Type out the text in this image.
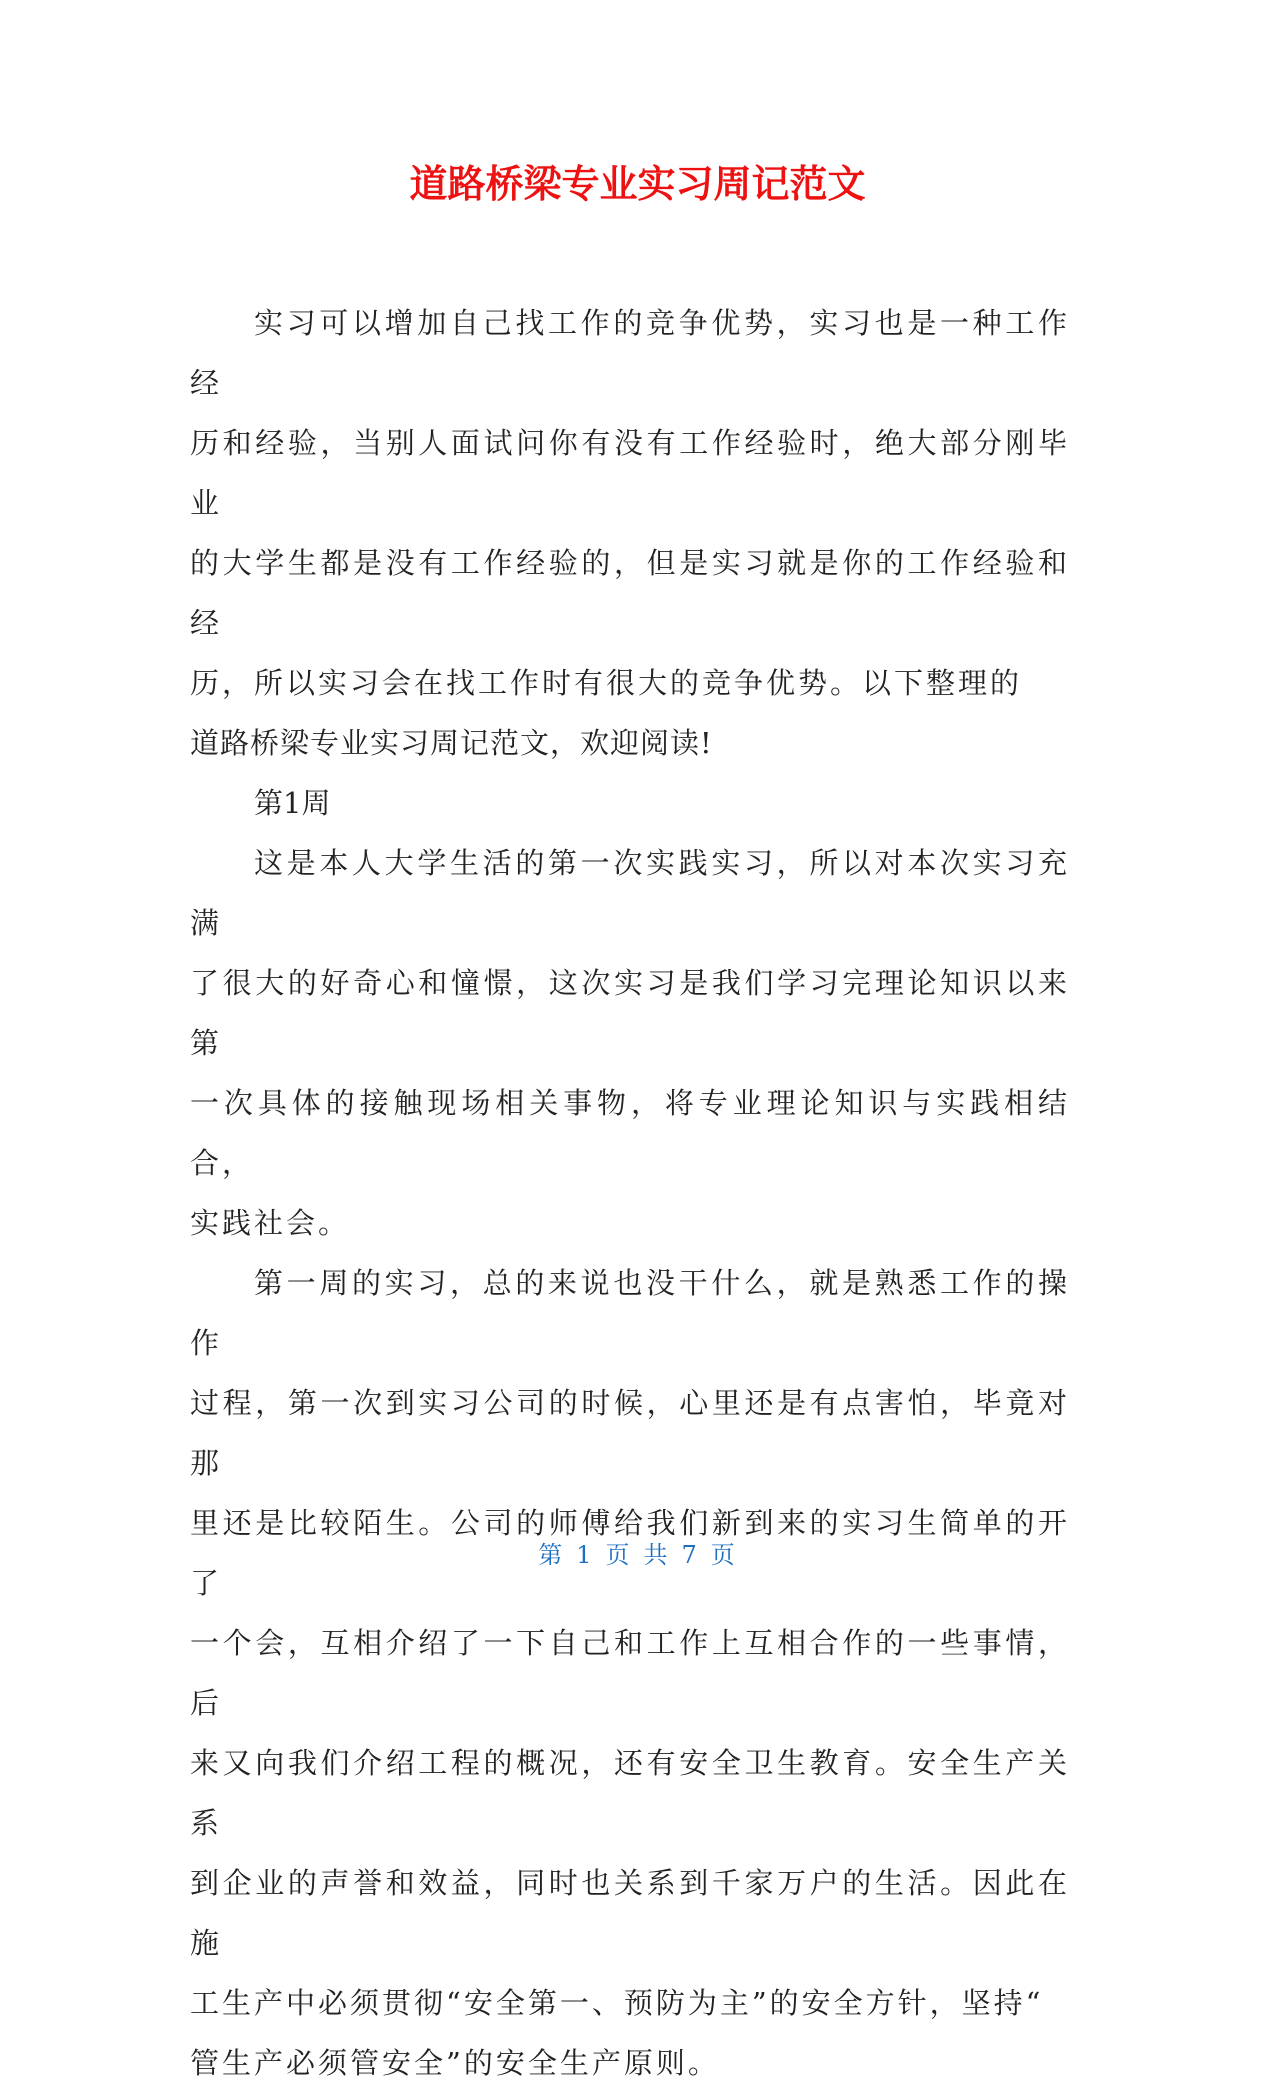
道路桥梁专业实习周记范文

实习可以增加自己找工作的竞争优势，实习也是一种工作经
历和经验，当别人面试问你有没有工作经验时，绝大部分刚毕业
的大学生都是没有工作经验的，但是实习就是你的工作经验和经
历，所以实习会在找工作时有很大的竞争优势。以下整理的
道路桥梁专业实习周记范文，欢迎阅读!

第1周

这是本人大学生活的第一次实践实习，所以对本次实习充满
了很大的好奇心和憧憬，这次实习是我们学习完理论知识以来第
一次具体的接触现场相关事物，将专业理论知识与实践相结合，
实践社会。

第一周的实习，总的来说也没干什么，就是熟悉工作的操作
过程，第一次到实习公司的时候，心里还是有点害怕，毕竟对那
里还是比较陌生。公司的师傅给我们新到来的实习生简单的开了
一个会，互相介绍了一下自己和工作上互相合作的一些事情，后
来又向我们介绍工程的概况，还有安全卫生教育。安全生产关系
到企业的声誉和效益，同时也关系到千家万户的生活。因此在施
工生产中必须贯彻“安全第一、预防为主”的安全方针，坚持“
管生产必须管安全”的安全生产原则。

第 1 页 共 7 页
